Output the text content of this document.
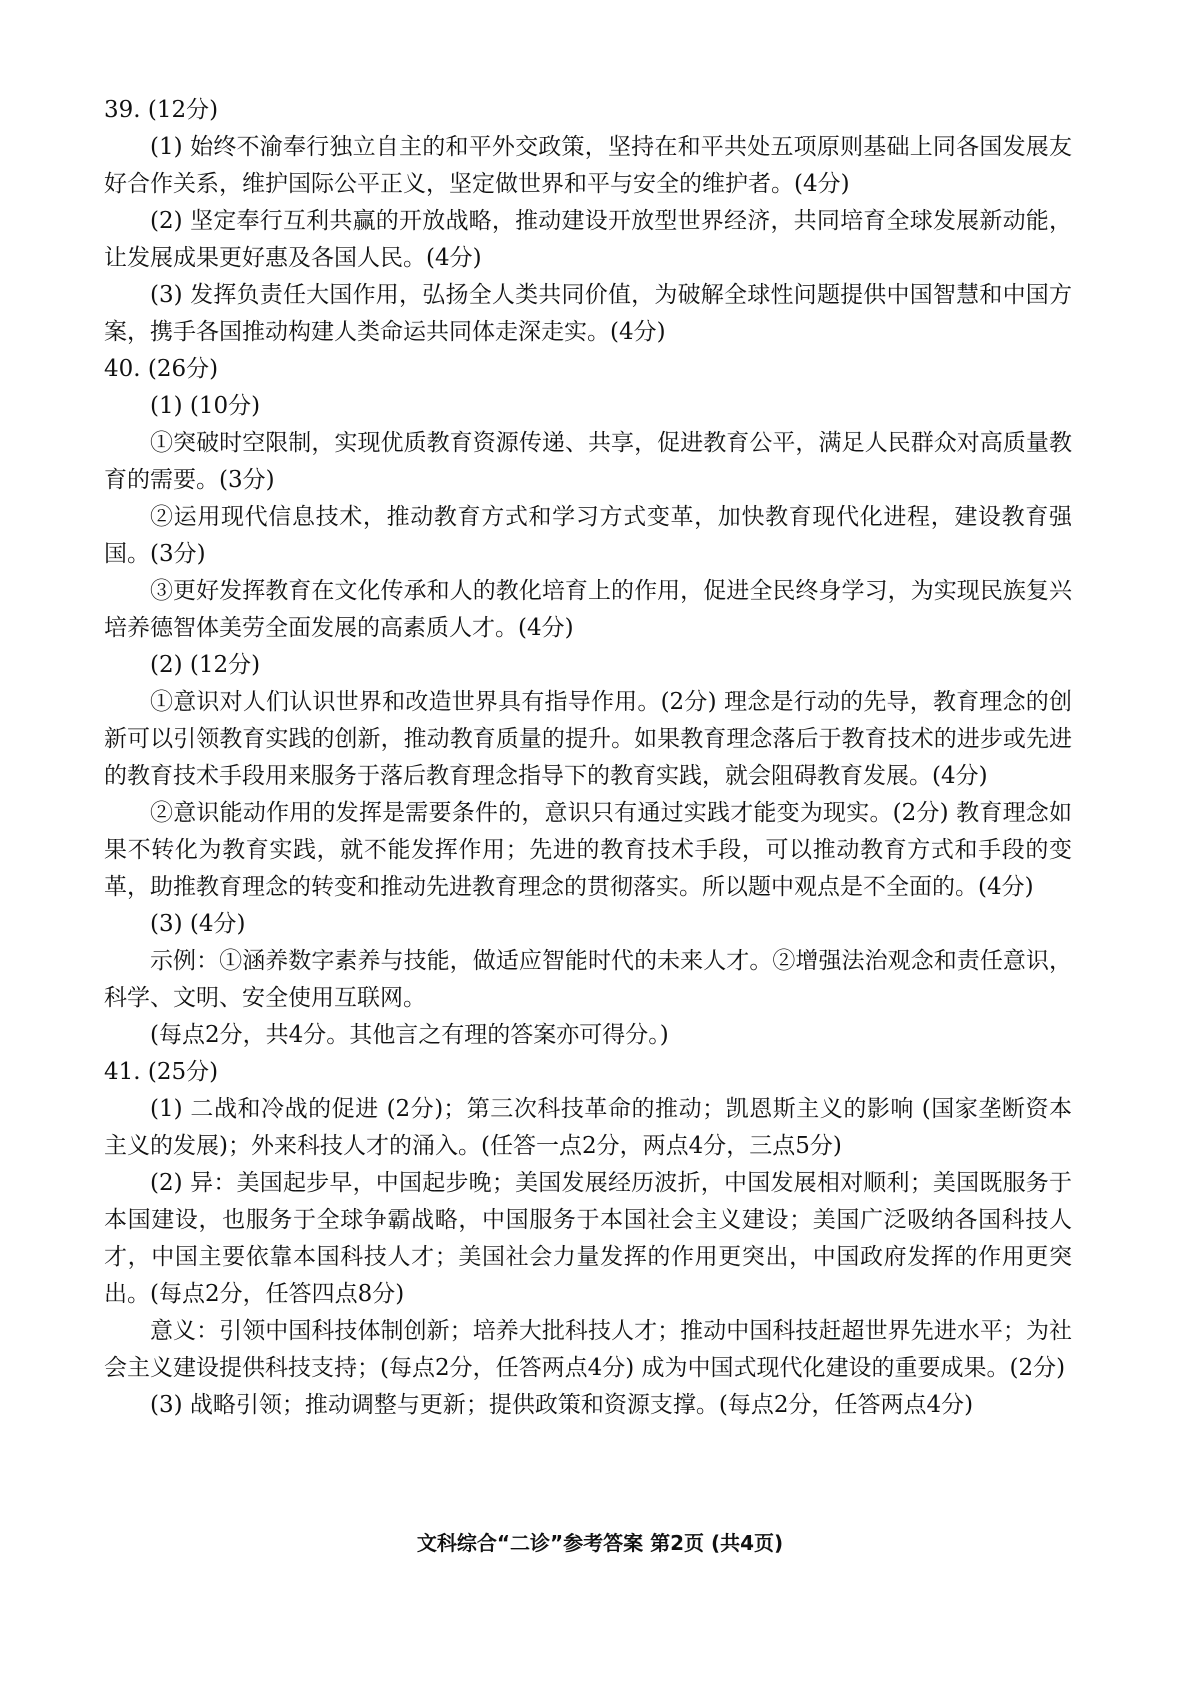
39. (12分)

(1) 始终不渝奉行独立自主的和平外交政策，坚持在和平共处五项原则基础上同各国发展友好合作关系，维护国际公平正义，坚定做世界和平与安全的维护者。(4分)

(2) 坚定奉行互利共赢的开放战略，推动建设开放型世界经济，共同培育全球发展新动能，让发展成果更好惠及各国人民。(4分)

(3) 发挥负责任大国作用，弘扬全人类共同价值，为破解全球性问题提供中国智慧和中国方案，携手各国推动构建人类命运共同体走深走实。(4分)

40. (26分)

(1) (10分)

①突破时空限制，实现优质教育资源传递、共享，促进教育公平，满足人民群众对高质量教育的需要。(3分)

②运用现代信息技术，推动教育方式和学习方式变革，加快教育现代化进程，建设教育强国。(3分)

③更好发挥教育在文化传承和人的教化培育上的作用，促进全民终身学习，为实现民族复兴培养德智体美劳全面发展的高素质人才。(4分)

(2) (12分)

①意识对人们认识世界和改造世界具有指导作用。(2分) 理念是行动的先导，教育理念的创新可以引领教育实践的创新，推动教育质量的提升。如果教育理念落后于教育技术的进步或先进的教育技术手段用来服务于落后教育理念指导下的教育实践，就会阻碍教育发展。(4分)

②意识能动作用的发挥是需要条件的，意识只有通过实践才能变为现实。(2分) 教育理念如果不转化为教育实践，就不能发挥作用；先进的教育技术手段，可以推动教育方式和手段的变革，助推教育理念的转变和推动先进教育理念的贯彻落实。所以题中观点是不全面的。(4分)

(3) (4分)

示例：①涵养数字素养与技能，做适应智能时代的未来人才。②增强法治观念和责任意识，科学、文明、安全使用互联网。

(每点2分，共4分。其他言之有理的答案亦可得分。)

41. (25分)

(1) 二战和冷战的促进 (2分)；第三次科技革命的推动；凯恩斯主义的影响 (国家垄断资本主义的发展)；外来科技人才的涌入。(任答一点2分，两点4分，三点5分)

(2) 异：美国起步早，中国起步晚；美国发展经历波折，中国发展相对顺利；美国既服务于本国建设，也服务于全球争霸战略，中国服务于本国社会主义建设；美国广泛吸纳各国科技人才，中国主要依靠本国科技人才；美国社会力量发挥的作用更突出，中国政府发挥的作用更突出。(每点2分，任答四点8分)

意义：引领中国科技体制创新；培养大批科技人才；推动中国科技赶超世界先进水平；为社会主义建设提供科技支持；(每点2分，任答两点4分) 成为中国式现代化建设的重要成果。(2分)

(3) 战略引领；推动调整与更新；提供政策和资源支撑。(每点2分，任答两点4分)

文科综合“二诊”参考答案 第2页 (共4页)
